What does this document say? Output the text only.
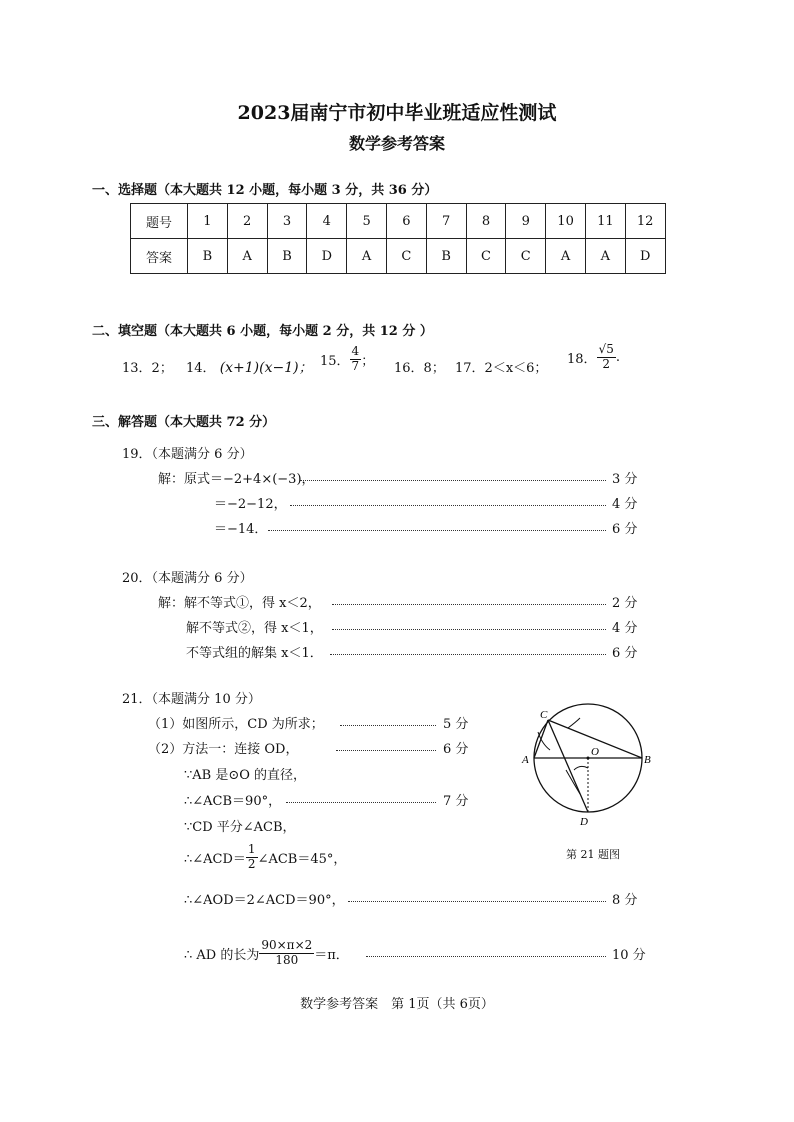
2023届南宁市初中毕业班适应性测试
数学参考答案
一、选择题（本大题共 12 小题，每小题 3 分，共 36 分）
题号	1	2	3	4	5	6	7	8	9	10	11	12
答案	B	A	B	D	A	C	B	C	C	A	A	D
二、填空题（本大题共 6 小题，每小题 2 分，共 12 分 ）
13．2； 14． (x+1)(x−1)； 15． $\frac{4}{7}$ ； 16．8； 17．2＜x＜6；
18． $\frac{√5}{2}$ .
三、解答题（本大题共 72 分）
19．（本题满分 6 分）
解：原式＝−2+4×(−3)，	3 分
＝−2−12，	4 分
＝−14．	6 分
20．（本题满分 6 分）
解：解不等式①，得 x＜2，	2 分
解不等式②，得 x＜1，	4 分
不等式组的解集 x＜1．	6 分
21．（本题满分 10 分）
（1）如图所示，CD 为所求；	5 分
（2）方法一：连接 OD，	6 分
∵AB 是⊙O 的直径，
∴∠ACB＝90°，	7 分
∵CD 平分∠ACB，
∴∠ACD＝ $\frac{1}{2}$ ∠ACB＝45°，
∴∠AOD＝2∠ACD＝90°，	8 分
∴ AD 的长为 $\frac{90\times\pi\times 2}{180} =\pi$．	10 分
C
A	B
O
D
第 21 题图
数学参考答案　第 1页（共 6页）
